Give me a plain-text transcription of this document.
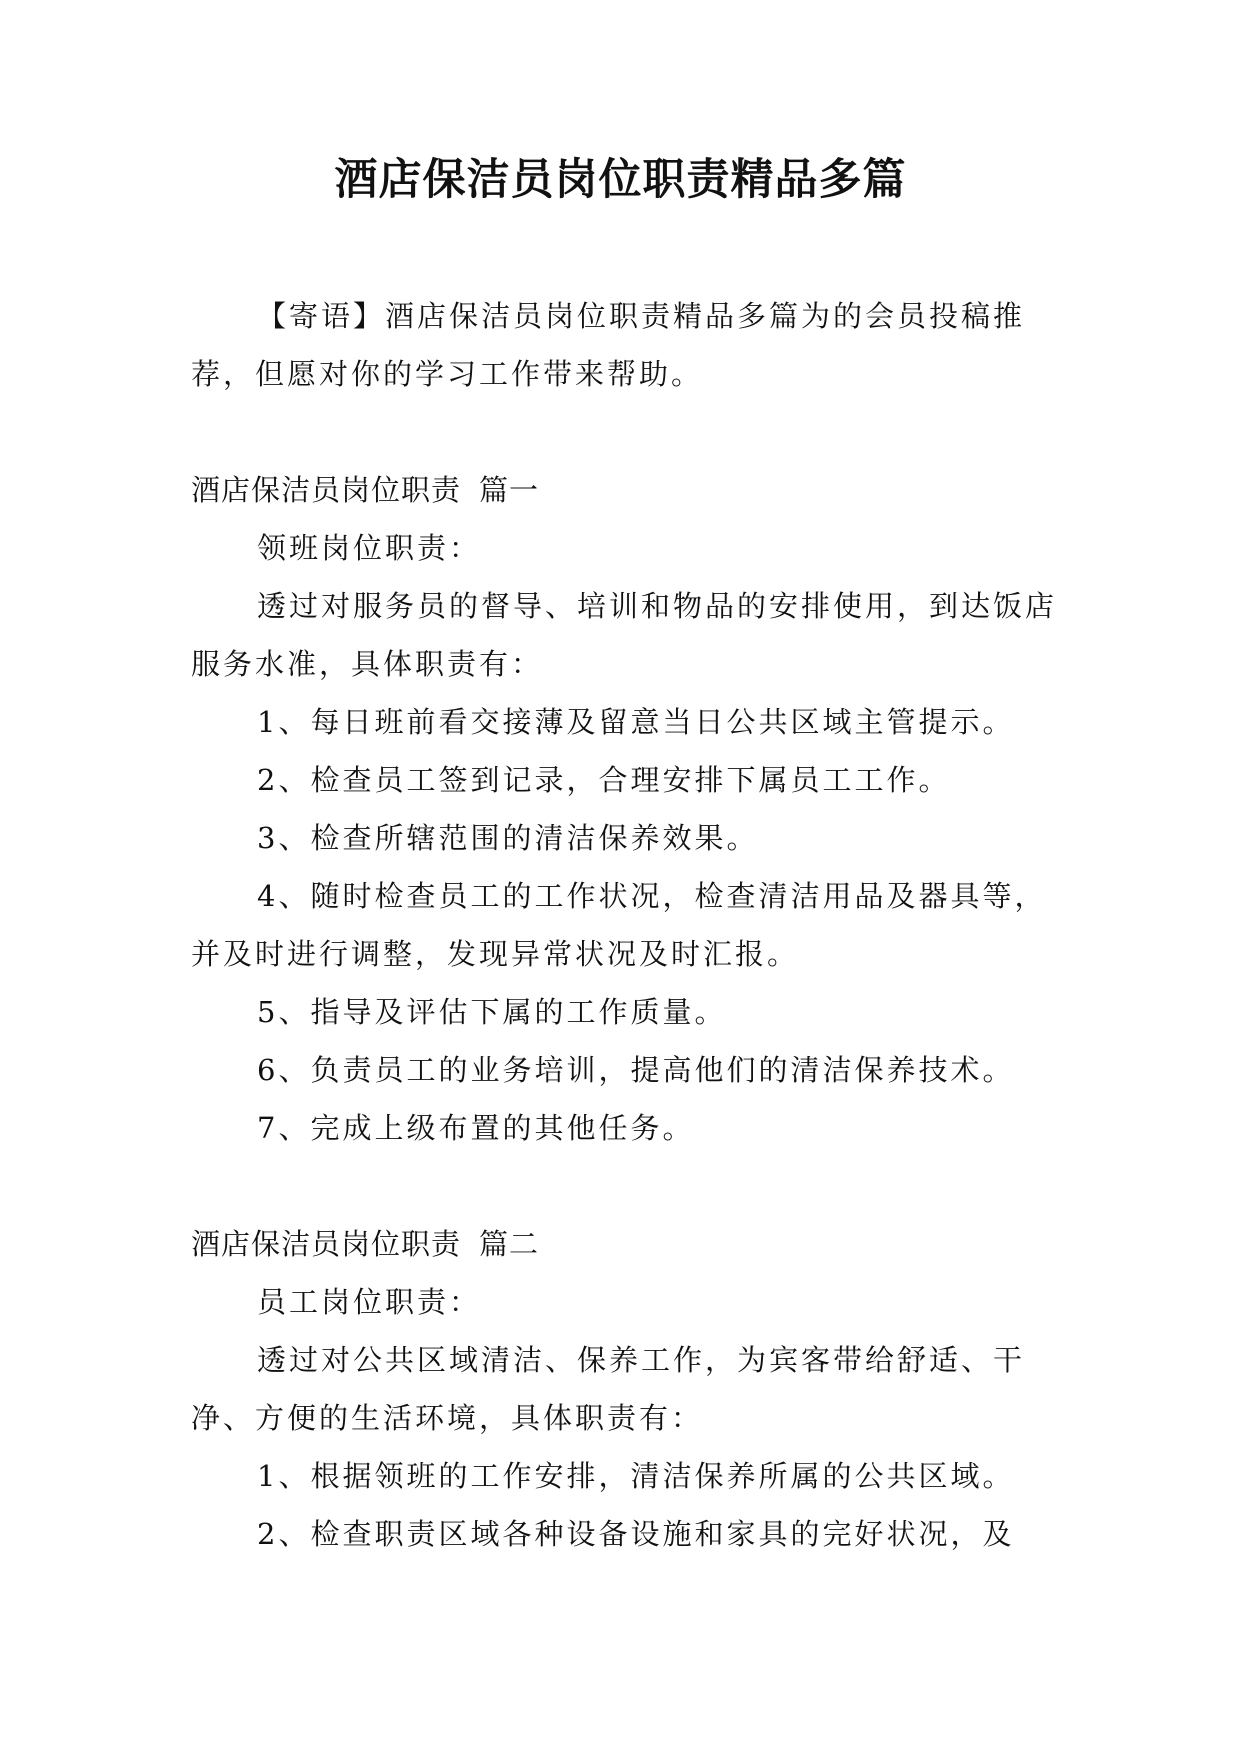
酒店保洁员岗位职责精品多篇

【寄语】酒店保洁员岗位职责精品多篇为的会员投稿推荐，但愿对你的学习工作带来帮助。

酒店保洁员岗位职责 篇一

领班岗位职责：

透过对服务员的督导、培训和物品的安排使用，到达饭店服务水准，具体职责有：

1、每日班前看交接薄及留意当日公共区域主管提示。

2、检查员工签到记录，合理安排下属员工工作。

3、检查所辖范围的清洁保养效果。

4、随时检查员工的工作状况，检查清洁用品及器具等，并及时进行调整，发现异常状况及时汇报。

5、指导及评估下属的工作质量。

6、负责员工的业务培训，提高他们的清洁保养技术。

7、完成上级布置的其他任务。

酒店保洁员岗位职责 篇二

员工岗位职责：

透过对公共区域清洁、保养工作，为宾客带给舒适、干净、方便的生活环境，具体职责有：

1、根据领班的工作安排，清洁保养所属的公共区域。

2、检查职责区域各种设备设施和家具的完好状况，及
